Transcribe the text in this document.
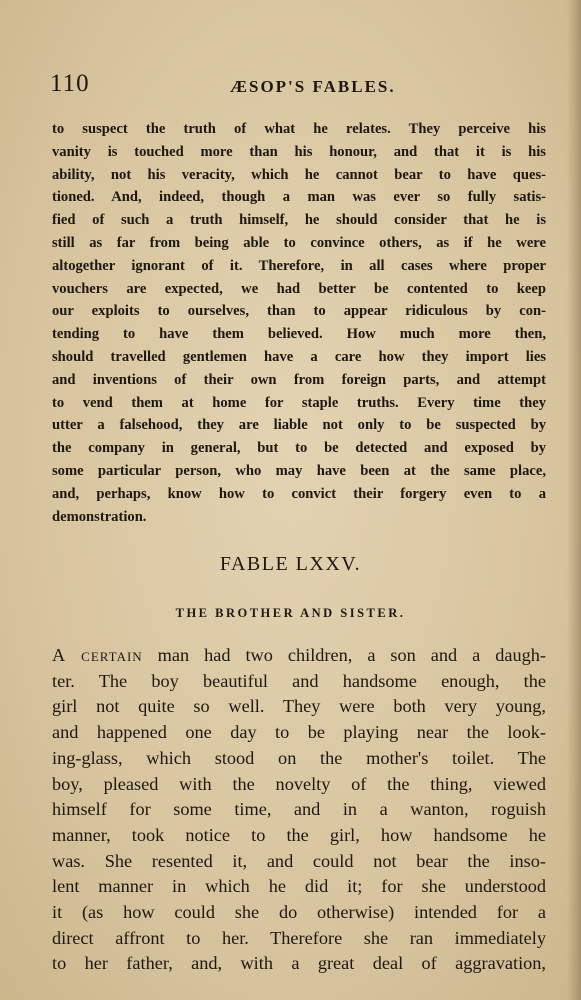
110	ÆSOP'S FABLES.
to suspect the truth of what he relates. They perceive his
vanity is touched more than his honour, and that it is his
ability, not his veracity, which he cannot bear to have ques-
tioned. And, indeed, though a man was ever so fully satis-
fied of such a truth himself, he should consider that he is
still as far from being able to convince others, as if he were
altogether ignorant of it. Therefore, in all cases where proper
vouchers are expected, we had better be contented to keep
our exploits to ourselves, than to appear ridiculous by con-
tending to have them believed. How much more then,
should travelled gentlemen have a care how they import lies
and inventions of their own from foreign parts, and attempt
to vend them at home for staple truths. Every time they
utter a falsehood, they are liable not only to be suspected by
the company in general, but to be detected and exposed by
some particular person, who may have been at the same place,
and, perhaps, know how to convict their forgery even to a
demonstration.
FABLE LXXV.
THE BROTHER AND SISTER.
A certain man had two children, a son and a daugh-
ter. The boy beautiful and handsome enough, the
girl not quite so well. They were both very young,
and happened one day to be playing near the look-
ing-glass, which stood on the mother's toilet. The
boy, pleased with the novelty of the thing, viewed
himself for some time, and in a wanton, roguish
manner, took notice to the girl, how handsome he
was. She resented it, and could not bear the inso-
lent manner in which he did it; for she understood
it (as how could she do otherwise) intended for a
direct affront to her. Therefore she ran immediately
to her father, and, with a great deal of aggravation,
